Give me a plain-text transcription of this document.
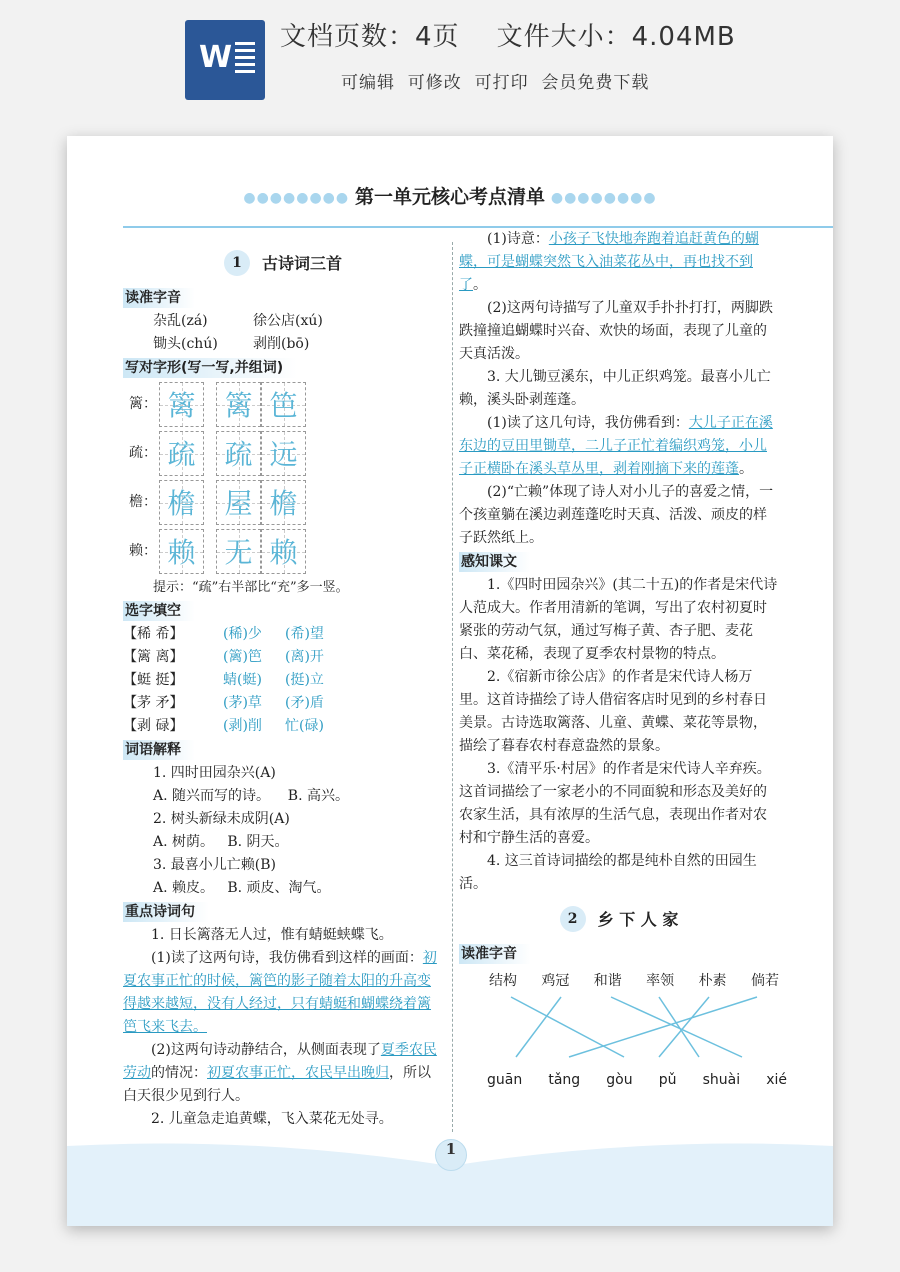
W
文档页数：4页    文件大小：4.04MB
可编辑  可修改  可打印  会员免费下载
1
●●●●●●●● 第一单元核心考点清单 ●●●●●●●●
1	古诗词三首
读准字音
杂乱(zá)	徐公店(xú)
锄头(chú)	剥削(bō)
写对字形(写一写,并组词)
篱： 篱	篱 笆
疏： 疏	疏 远
檐： 檐	屋 檐
赖： 赖	无 赖
提示：“疏”右半部比“充”多一竖。
选字填空
【稀 希】	(稀)少	(希)望
【篱 离】	(篱)笆	(离)开
【蜓 挺】	蜻(蜓)	(挺)立
【茅 矛】	(茅)草	(矛)盾
【剥 碌】	(剥)削	忙(碌)
词语解释
1. 四时田园杂兴(A)
A. 随兴而写的诗。    B. 高兴。
2. 树头新绿未成阴(A)
A. 树荫。   B. 阴天。
3. 最喜小儿亡赖(B)
A. 赖皮。   B. 顽皮、淘气。
重点诗词句
1. 日长篱落无人过，惟有蜻蜓蛱蝶飞。
(1)读了这两句诗，我仿佛看到这样的画面：初夏农事正忙的时候，篱笆的影子随着太阳的升高变得越来越短，没有人经过，只有蜻蜓和蝴蝶绕着篱笆飞来飞去。
(2)这两句诗动静结合，从侧面表现了夏季农民劳动的情况：初夏农事正忙，农民早出晚归，所以白天很少见到行人。
2. 儿童急走追黄蝶，飞入菜花无处寻。
(1)诗意：小孩子飞快地奔跑着追赶黄色的蝴蝶，可是蝴蝶突然飞入油菜花丛中，再也找不到了。
(2)这两句诗描写了儿童双手扑扑打打，两脚跌跌撞撞追蝴蝶时兴奋、欢快的场面，表现了儿童的天真活泼。
3. 大儿锄豆溪东，中儿正织鸡笼。最喜小儿亡赖，溪头卧剥莲蓬。
(1)读了这几句诗，我仿佛看到：大儿子正在溪东边的豆田里锄草，二儿子正忙着编织鸡笼，小儿子正横卧在溪头草丛里，剥着刚摘下来的莲蓬。
(2)“亡赖”体现了诗人对小儿子的喜爱之情，一个孩童躺在溪边剥莲蓬吃时天真、活泼、顽皮的样子跃然纸上。
感知课文
1.《四时田园杂兴》(其二十五)的作者是宋代诗人范成大。作者用清新的笔调，写出了农村初夏时紧张的劳动气氛，通过写梅子黄、杏子肥、麦花白、菜花稀，表现了夏季农村景物的特点。
2.《宿新市徐公店》的作者是宋代诗人杨万里。这首诗描绘了诗人借宿客店时见到的乡村春日美景。古诗选取篱落、儿童、黄蝶、菜花等景物，描绘了暮春农村春意盎然的景象。
3.《清平乐·村居》的作者是宋代诗人辛弃疾。这首词描绘了一家老小的不同面貌和形态及美好的农家生活，具有浓厚的生活气息，表现出作者对农村和宁静生活的喜爱。
4. 这三首诗词描绘的都是纯朴自然的田园生活。
2	乡 下 人 家
读准字音
结构 鸡冠 和谐 率领 朴素 倘若
guān tǎng gòu pǔ shuài xié
